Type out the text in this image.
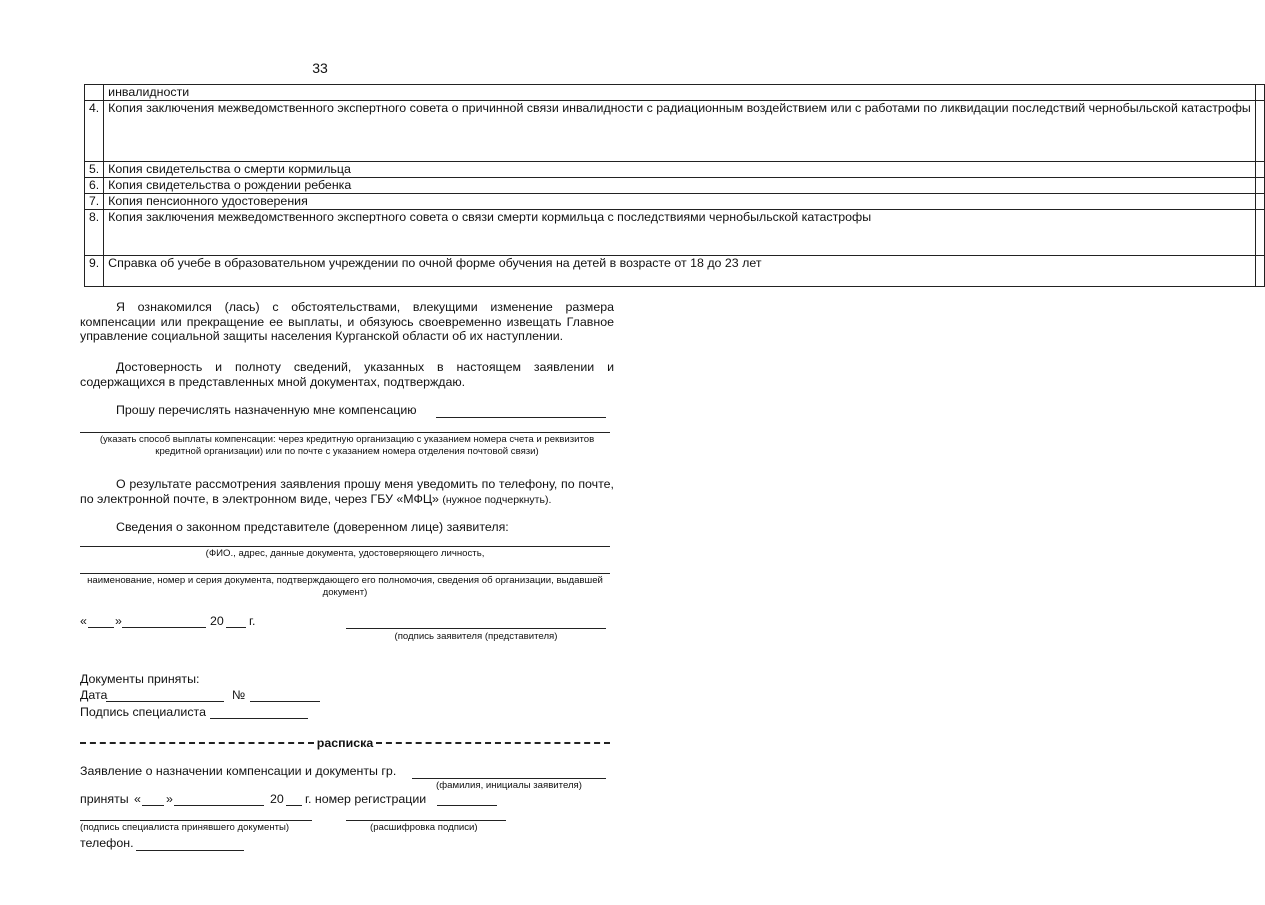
33
	инвалидности	
4.	Копия заключения межведомственного экспертного совета о причинной связи инвалидности с радиационным воздействием или с работами по ликвидации последствий чернобыльской катастрофы	
5.	Копия свидетельства о смерти кормильца	
6.	Копия свидетельства о рождении ребенка	
7.	Копия пенсионного удостоверения	
8.	Копия заключения межведомственного экспертного совета о связи смерти кормильца с последствиями чернобыльской катастрофы	
9.	Справка об учебе в образовательном учреждении по очной форме обучения на детей в возрасте от 18 до 23 лет	
Я ознакомился (лась) с обстоятельствами, влекущими изменение размера компенсации или прекращение ее выплаты, и обязуюсь своевременно извещать Главное управление социальной защиты населения Курганской области об их наступлении.
Достоверность и полноту сведений, указанных в настоящем заявлении и содержащихся в представленных мной документах, подтверждаю.
Прошу перечислять назначенную мне компенсацию
(указать способ выплаты компенсации: через кредитную организацию с указанием номера счета и реквизитов кредитной организации) или по почте с указанием номера отделения почтовой связи)
О результате рассмотрения заявления прошу меня уведомить по телефону, по почте, по электронной почте, в электронном виде, через ГБУ «МФЦ» (нужное подчеркнуть).
Сведения о законном представителе (доверенном лице) заявителя:
(ФИО., адрес, данные документа, удостоверяющего личность,
наименование, номер и серия документа, подтверждающего его полномочия, сведения об организации, выдавшей документ)
« »	20 г.
(подпись заявителя (представителя)
Документы приняты:
Дата	№
Подпись специалиста
расписка
Заявление о назначении компенсации и документы гр.
(фамилия, инициалы заявителя)
приняты « »	20 г. номер регистрации
(подпись специалиста принявшего документы)	(расшифровка подписи)
телефон.
